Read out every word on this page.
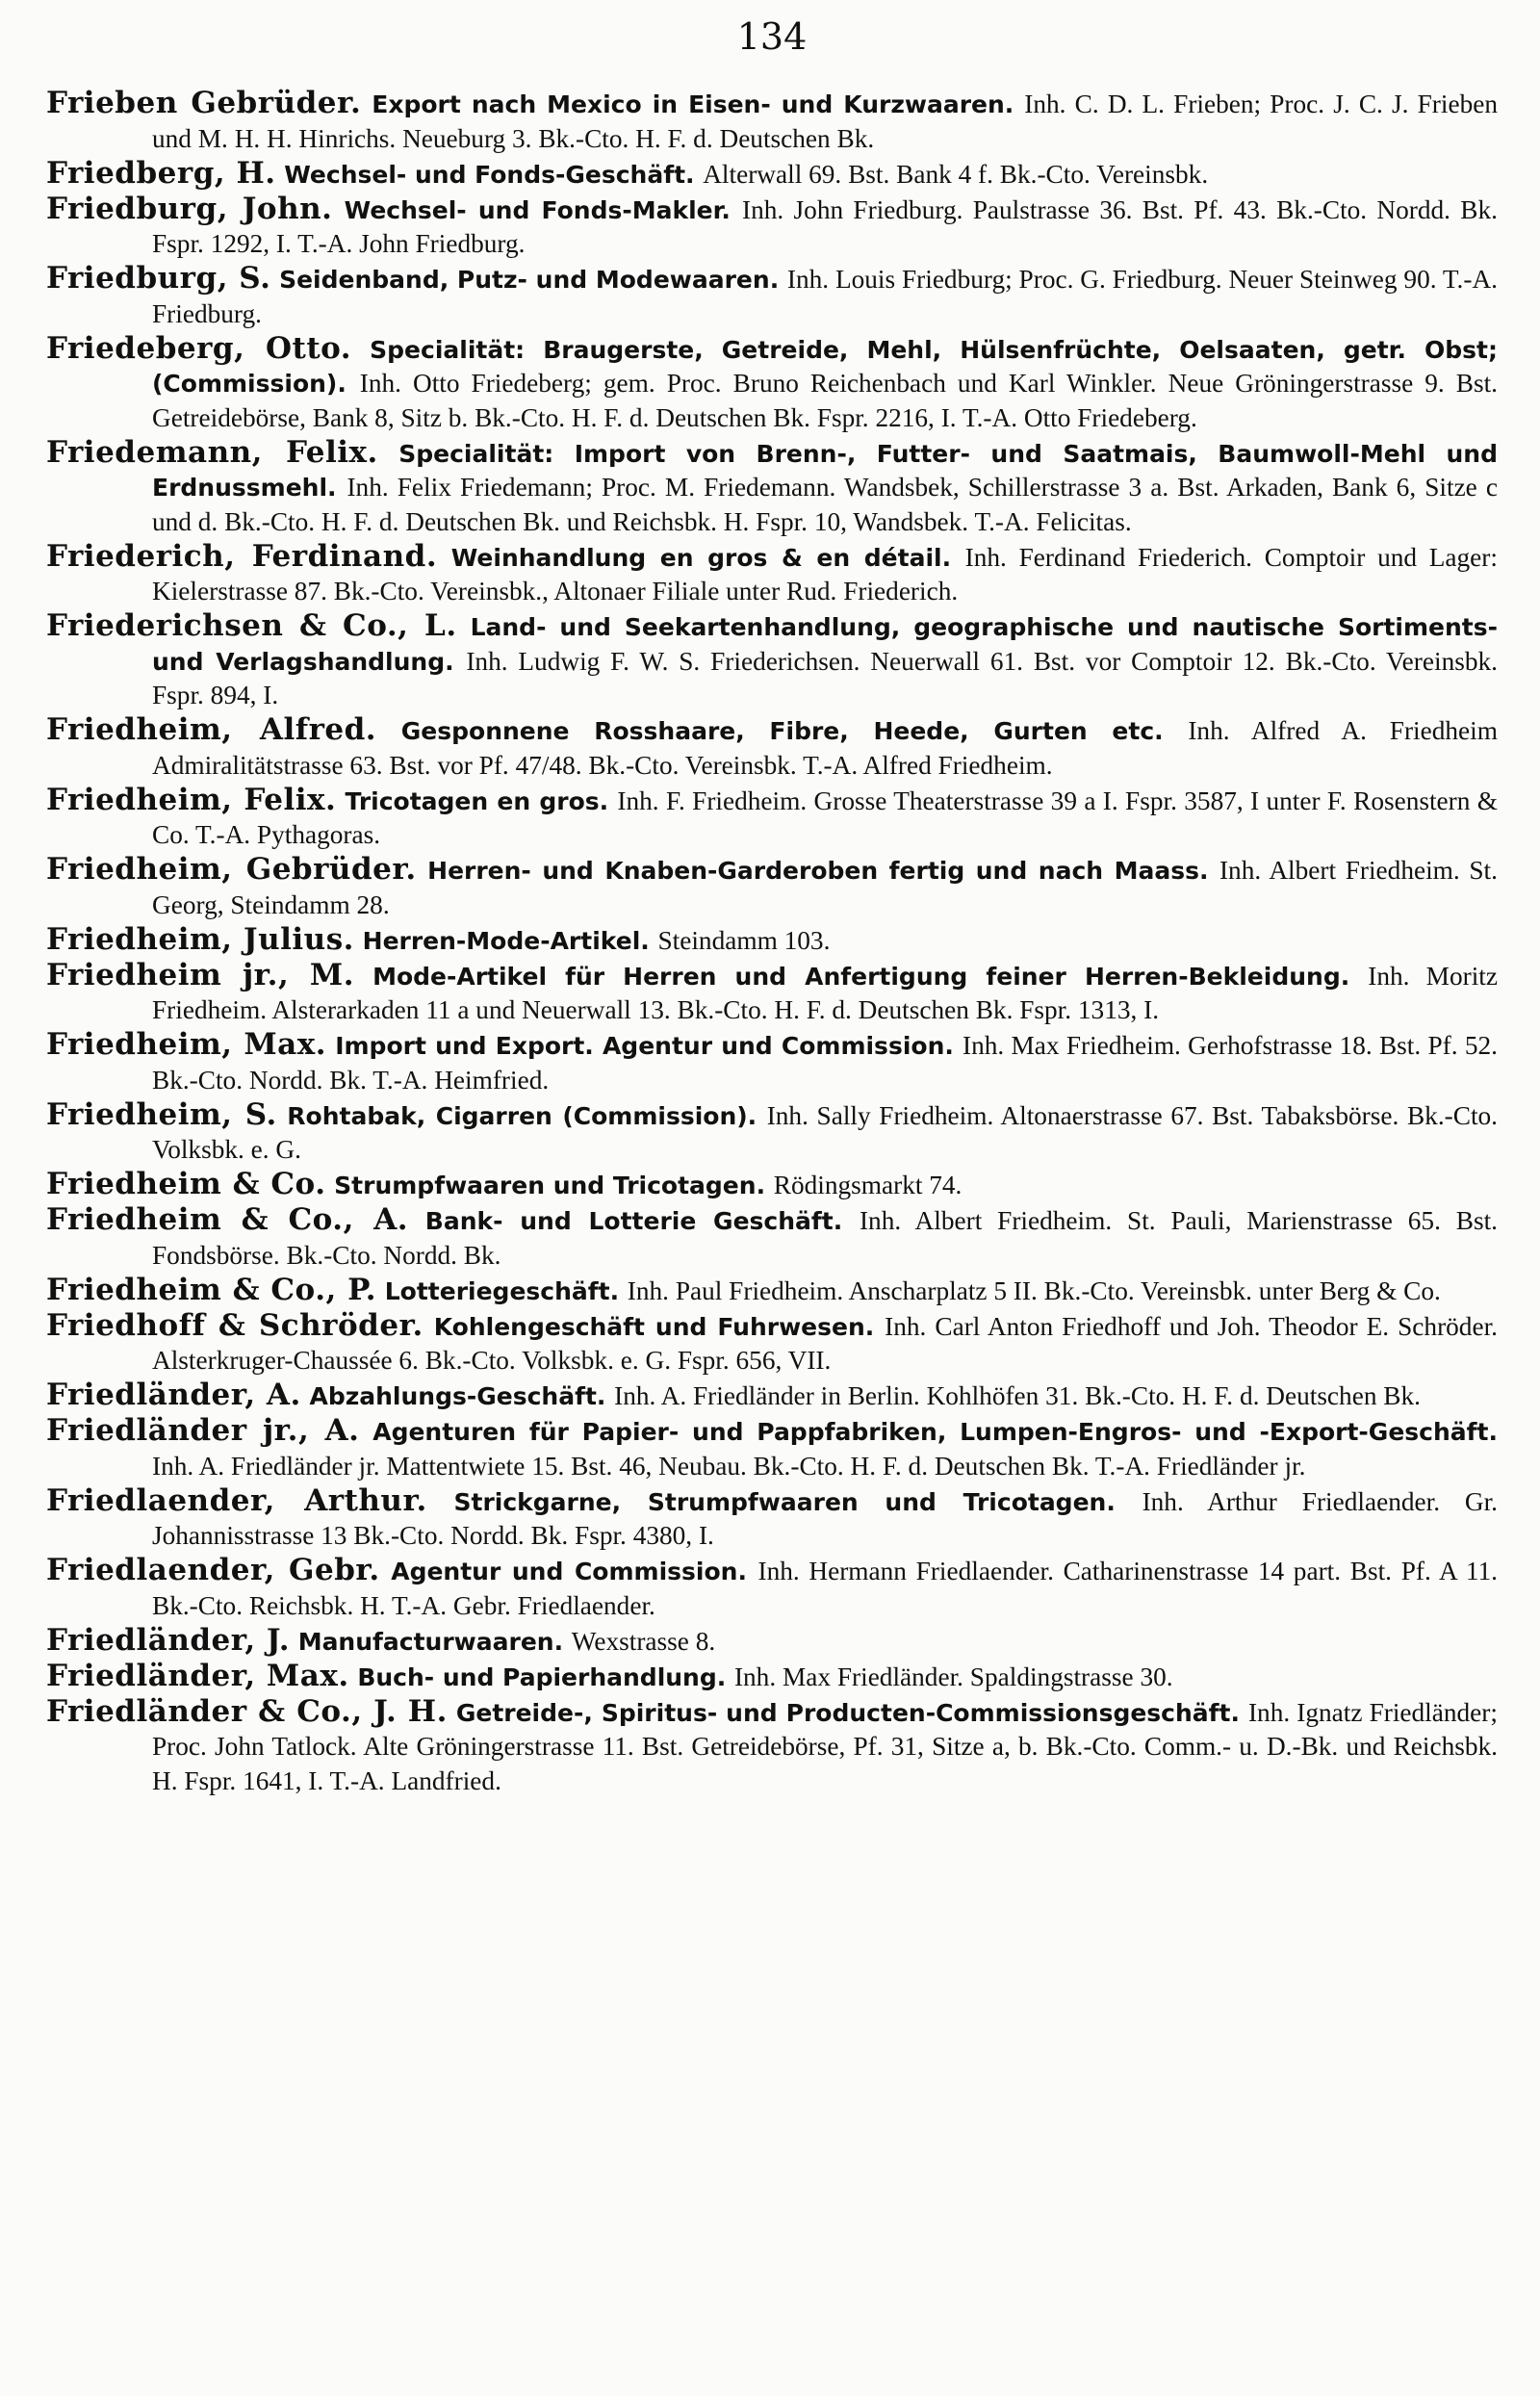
134

Frieben Gebrüder. Export nach Mexico in Eisen- und Kurzwaaren. Inh. C. D. L. Frieben; Proc. J. C. J. Frieben und M. H. H. Hinrichs. Neueburg 3. Bk.-Cto. H. F. d. Deutschen Bk.

Friedberg, H. Wechsel- und Fonds-Geschäft. Alterwall 69. Bst. Bank 4 f. Bk.-Cto. Vereinsbk.

Friedburg, John. Wechsel- und Fonds-Makler. Inh. John Friedburg. Paulstrasse 36. Bst. Pf. 43. Bk.-Cto. Nordd. Bk. Fspr. 1292, I. T.-A. John Friedburg.

Friedburg, S. Seidenband, Putz- und Modewaaren. Inh. Louis Friedburg; Proc. G. Friedburg. Neuer Steinweg 90. T.-A. Friedburg.

Friedeberg, Otto. Specialität: Braugerste, Getreide, Mehl, Hülsenfrüchte, Oelsaaten, getr. Obst; (Commission). Inh. Otto Friedeberg; gem. Proc. Bruno Reichenbach und Karl Winkler. Neue Gröningerstrasse 9. Bst. Getreidebörse, Bank 8, Sitz b. Bk.-Cto. H. F. d. Deutschen Bk. Fspr. 2216, I. T.-A. Otto Friedeberg.

Friedemann, Felix. Specialität: Import von Brenn-, Futter- und Saatmais, Baumwoll-Mehl und Erdnussmehl. Inh. Felix Friedemann; Proc. M. Friedemann. Wandsbek, Schillerstrasse 3 a. Bst. Arkaden, Bank 6, Sitze c und d. Bk.-Cto. H. F. d. Deutschen Bk. und Reichsbk. H. Fspr. 10, Wandsbek. T.-A. Felicitas.

Friederich, Ferdinand. Weinhandlung en gros & en détail. Inh. Ferdinand Friederich. Comptoir und Lager: Kielerstrasse 87. Bk.-Cto. Vereinsbk., Altonaer Filiale unter Rud. Friederich.

Friederichsen & Co., L. Land- und Seekartenhandlung, geographische und nautische Sortiments- und Verlagshandlung. Inh. Ludwig F. W. S. Friederichsen. Neuerwall 61. Bst. vor Comptoir 12. Bk.-Cto. Vereinsbk. Fspr. 894, I.

Friedheim, Alfred. Gesponnene Rosshaare, Fibre, Heede, Gurten etc. Inh. Alfred A. Friedheim Admiralitätstrasse 63. Bst. vor Pf. 47/48. Bk.-Cto. Vereinsbk. T.-A. Alfred Friedheim.

Friedheim, Felix. Tricotagen en gros. Inh. F. Friedheim. Grosse Theaterstrasse 39 a I. Fspr. 3587, I unter F. Rosenstern & Co. T.-A. Pythagoras.

Friedheim, Gebrüder. Herren- und Knaben-Garderoben fertig und nach Maass. Inh. Albert Friedheim. St. Georg, Steindamm 28.

Friedheim, Julius. Herren-Mode-Artikel. Steindamm 103.

Friedheim jr., M. Mode-Artikel für Herren und Anfertigung feiner Herren-Bekleidung. Inh. Moritz Friedheim. Alsterarkaden 11 a und Neuerwall 13. Bk.-Cto. H. F. d. Deutschen Bk. Fspr. 1313, I.

Friedheim, Max. Import und Export. Agentur und Commission. Inh. Max Friedheim. Gerhofstrasse 18. Bst. Pf. 52. Bk.-Cto. Nordd. Bk. T.-A. Heimfried.

Friedheim, S. Rohtabak, Cigarren (Commission). Inh. Sally Friedheim. Altonaerstrasse 67. Bst. Tabaksbörse. Bk.-Cto. Volksbk. e. G.

Friedheim & Co. Strumpfwaaren und Tricotagen. Rödingsmarkt 74.

Friedheim & Co., A. Bank- und Lotterie Geschäft. Inh. Albert Friedheim. St. Pauli, Marienstrasse 65. Bst. Fondsbörse. Bk.-Cto. Nordd. Bk.

Friedheim & Co., P. Lotteriegeschäft. Inh. Paul Friedheim. Anscharplatz 5 II. Bk.-Cto. Vereinsbk. unter Berg & Co.

Friedhoff & Schröder. Kohlengeschäft und Fuhrwesen. Inh. Carl Anton Friedhoff und Joh. Theodor E. Schröder. Alsterkruger-Chaussée 6. Bk.-Cto. Volksbk. e. G. Fspr. 656, VII.

Friedländer, A. Abzahlungs-Geschäft. Inh. A. Friedländer in Berlin. Kohlhöfen 31. Bk.-Cto. H. F. d. Deutschen Bk.

Friedländer jr., A. Agenturen für Papier- und Pappfabriken, Lumpen-Engros- und -Export-Geschäft. Inh. A. Friedländer jr. Mattentwiete 15. Bst. 46, Neubau. Bk.-Cto. H. F. d. Deutschen Bk. T.-A. Friedländer jr.

Friedlaender, Arthur. Strickgarne, Strumpfwaaren und Tricotagen. Inh. Arthur Friedlaender. Gr. Johannisstrasse 13 Bk.-Cto. Nordd. Bk. Fspr. 4380, I.

Friedlaender, Gebr. Agentur und Commission. Inh. Hermann Friedlaender. Catharinenstrasse 14 part. Bst. Pf. A 11. Bk.-Cto. Reichsbk. H. T.-A. Gebr. Friedlaender.

Friedländer, J. Manufacturwaaren. Wexstrasse 8.

Friedländer, Max. Buch- und Papierhandlung. Inh. Max Friedländer. Spaldingstrasse 30.

Friedländer & Co., J. H. Getreide-, Spiritus- und Producten-Commissionsgeschäft. Inh. Ignatz Friedländer; Proc. John Tatlock. Alte Gröningerstrasse 11. Bst. Getreidebörse, Pf. 31, Sitze a, b. Bk.-Cto. Comm.- u. D.-Bk. und Reichsbk. H. Fspr. 1641, I. T.-A. Landfried.
